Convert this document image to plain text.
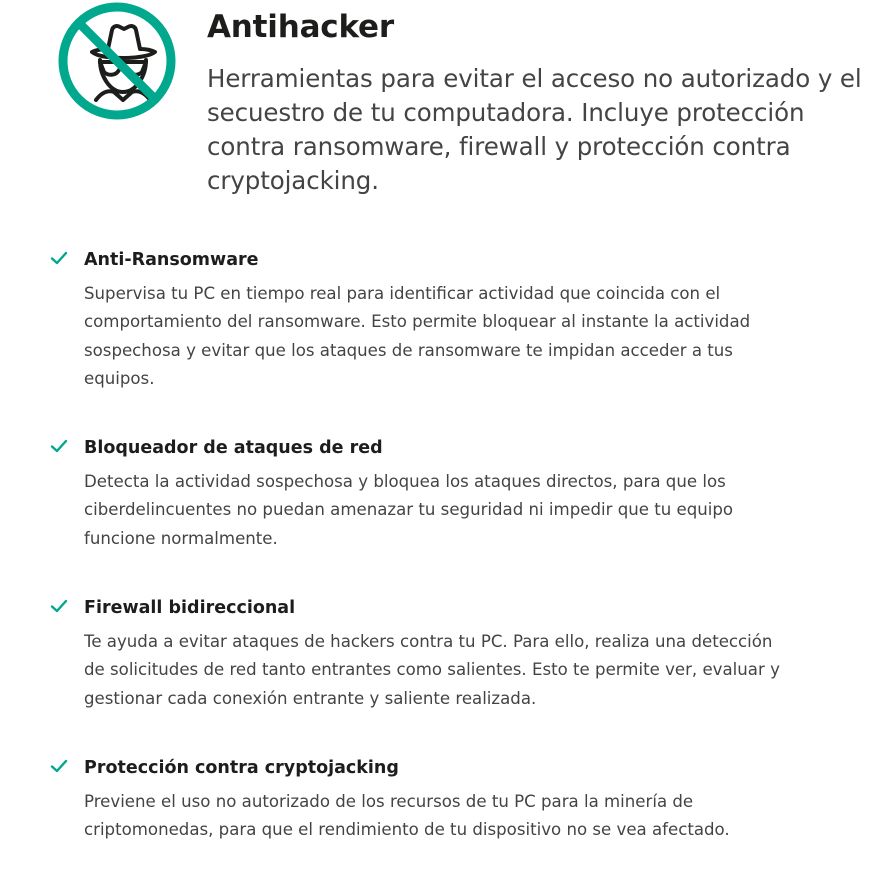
Antihacker

Herramientas para evitar el acceso no autorizado y el secuestro de tu computadora. Incluye protección contra ransomware, firewall y protección contra cryptojacking.

Anti-Ransomware

Supervisa tu PC en tiempo real para identificar actividad que coincida con el comportamiento del ransomware. Esto permite bloquear al instante la actividad sospechosa y evitar que los ataques de ransomware te impidan acceder a tus equipos.

Bloqueador de ataques de red

Detecta la actividad sospechosa y bloquea los ataques directos, para que los ciberdelincuentes no puedan amenazar tu seguridad ni impedir que tu equipo funcione normalmente.

Firewall bidireccional

Te ayuda a evitar ataques de hackers contra tu PC. Para ello, realiza una detección de solicitudes de red tanto entrantes como salientes. Esto te permite ver, evaluar y gestionar cada conexión entrante y saliente realizada.

Protección contra cryptojacking

Previene el uso no autorizado de los recursos de tu PC para la minería de criptomonedas, para que el rendimiento de tu dispositivo no se vea afectado.
